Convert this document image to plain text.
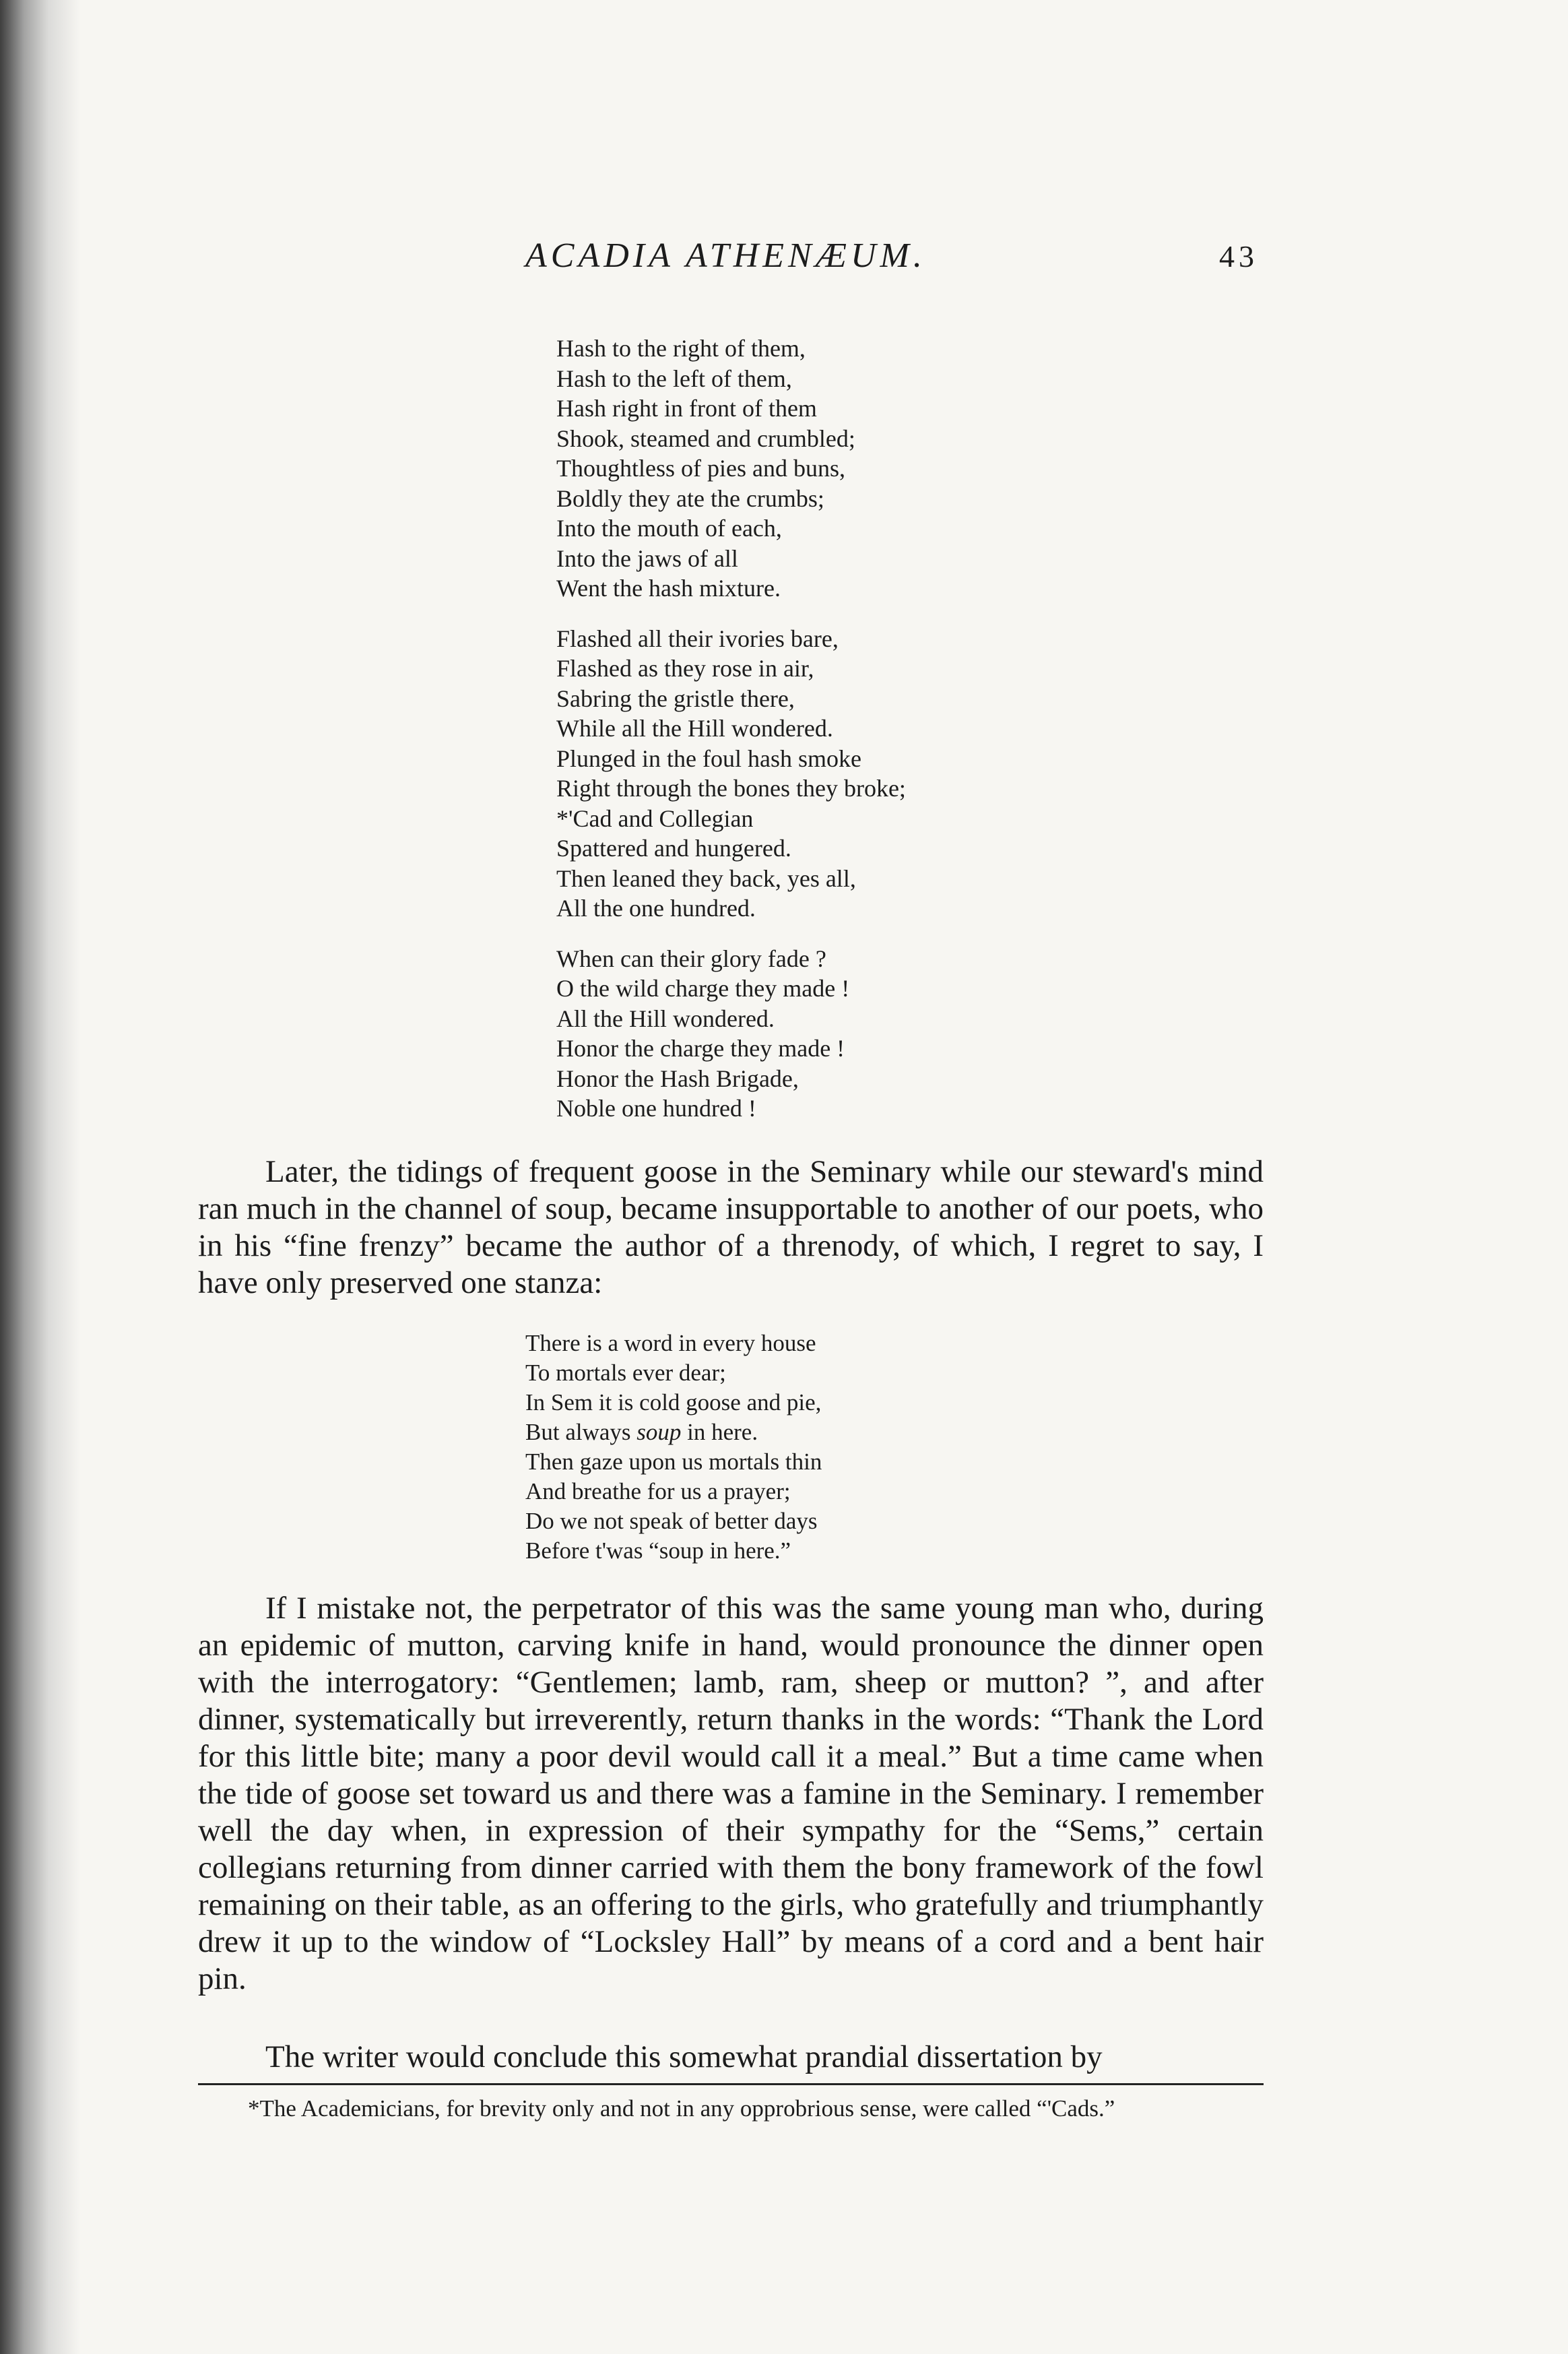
ACADIA ATHENÆUM.	43
Hash to the right of them,
Hash to the left of them,
Hash right in front of them
Shook, steamed and crumbled;
Thoughtless of pies and buns,
Boldly they ate the crumbs;
Into the mouth of each,
Into the jaws of all
Went the hash mixture.
Flashed all their ivories bare,
Flashed as they rose in air,
Sabring the gristle there,
While all the Hill wondered.
Plunged in the foul hash smoke
Right through the bones they broke;
*'Cad and Collegian
Spattered and hungered.
Then leaned they back, yes all,
All the one hundred.
When can their glory fade ?
O the wild charge they made !
All the Hill wondered.
Honor the charge they made !
Honor the Hash Brigade,
Noble one hundred !

Later, the tidings of frequent goose in the Seminary while our steward's mind ran much in the channel of soup, became insupportable to another of our poets, who in his “fine frenzy” became the author of a threnody, of which, I regret to say, I have only preserved one stanza:

There is a word in every house
To mortals ever dear;
In Sem it is cold goose and pie,
But always soup in here.
Then gaze upon us mortals thin
And breathe for us a prayer;
Do we not speak of better days
Before t'was “soup in here.”

If I mistake not, the perpetrator of this was the same young man who, during an epidemic of mutton, carving knife in hand, would pronounce the dinner open with the interrogatory: “Gentlemen; lamb, ram, sheep or mutton? ”, and after dinner, systematically but irreverently, return thanks in the words: “Thank the Lord for this little bite; many a poor devil would call it a meal.” But a time came when the tide of goose set toward us and there was a famine in the Seminary. I remember well the day when, in expression of their sympathy for the “Sems,” certain collegians returning from dinner carried with them the bony framework of the fowl remaining on their table, as an offering to the girls, who gratefully and triumphantly drew it up to the window of “Locksley Hall” by means of a cord and a bent hair pin.

The writer would conclude this somewhat prandial dissertation by

*The Academicians, for brevity only and not in any opprobrious sense, were called “'Cads.”
